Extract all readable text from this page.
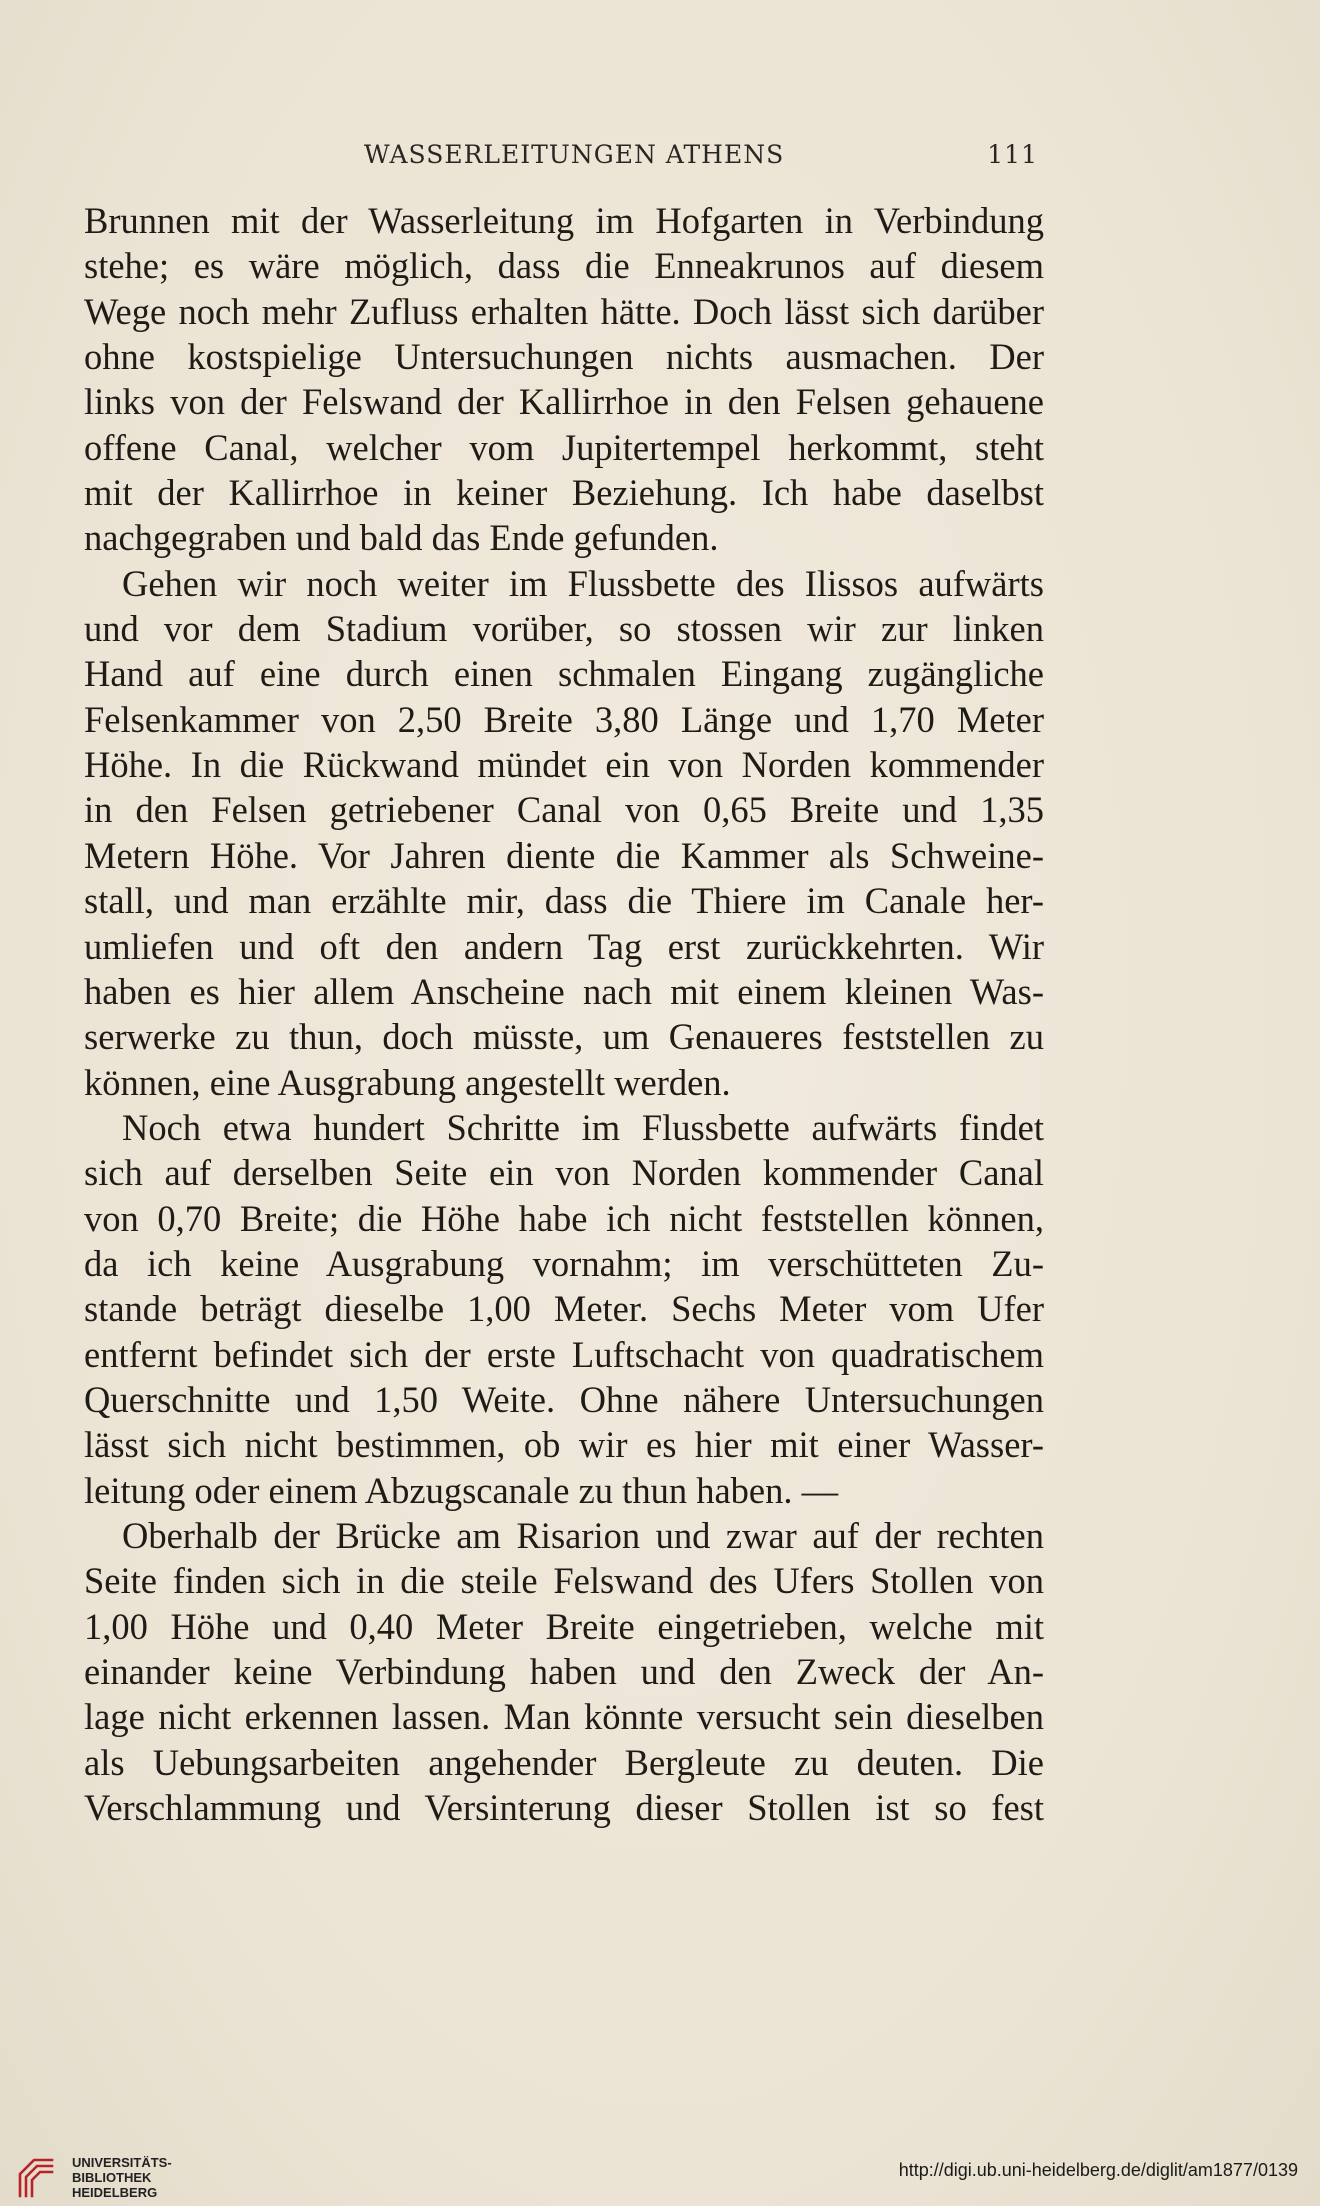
WASSERLEITUNGEN ATHENS	111
Brunnen mit der Wasserleitung im Hofgarten in Verbindung
stehe; es wäre möglich, dass die Enneakrunos auf diesem
Wege noch mehr Zufluss erhalten hätte. Doch lässt sich darüber
ohne kostspielige Untersuchungen nichts ausmachen. Der
links von der Felswand der Kallirrhoe in den Felsen gehauene
offene Canal, welcher vom Jupitertempel herkommt, steht
mit der Kallirrhoe in keiner Beziehung. Ich habe daselbst
nachgegraben und bald das Ende gefunden.
Gehen wir noch weiter im Flussbette des Ilissos aufwärts
und vor dem Stadium vorüber, so stossen wir zur linken
Hand auf eine durch einen schmalen Eingang zugängliche
Felsenkammer von 2,50 Breite 3,80 Länge und 1,70 Meter
Höhe. In die Rückwand mündet ein von Norden kommender
in den Felsen getriebener Canal von 0,65 Breite und 1,35
Metern Höhe. Vor Jahren diente die Kammer als Schweine-
stall, und man erzählte mir, dass die Thiere im Canale her-
umliefen und oft den andern Tag erst zurückkehrten. Wir
haben es hier allem Anscheine nach mit einem kleinen Was-
serwerke zu thun, doch müsste, um Genaueres feststellen zu
können, eine Ausgrabung angestellt werden.
Noch etwa hundert Schritte im Flussbette aufwärts findet
sich auf derselben Seite ein von Norden kommender Canal
von 0,70 Breite; die Höhe habe ich nicht feststellen können,
da ich keine Ausgrabung vornahm; im verschütteten Zu-
stande beträgt dieselbe 1,00 Meter. Sechs Meter vom Ufer
entfernt befindet sich der erste Luftschacht von quadratischem
Querschnitte und 1,50 Weite. Ohne nähere Untersuchungen
lässt sich nicht bestimmen, ob wir es hier mit einer Wasser-
leitung oder einem Abzugscanale zu thun haben. —
Oberhalb der Brücke am Risarion und zwar auf der rechten
Seite finden sich in die steile Felswand des Ufers Stollen von
1,00 Höhe und 0,40 Meter Breite eingetrieben, welche mit
einander keine Verbindung haben und den Zweck der An-
lage nicht erkennen lassen. Man könnte versucht sein dieselben
als Uebungsarbeiten angehender Bergleute zu deuten. Die
Verschlammung und Versinterung dieser Stollen ist so fest
UNIVERSITÄTS-
BIBLIOTHEK
HEIDELBERG
http://digi.ub.uni-heidelberg.de/diglit/am1877/0139
